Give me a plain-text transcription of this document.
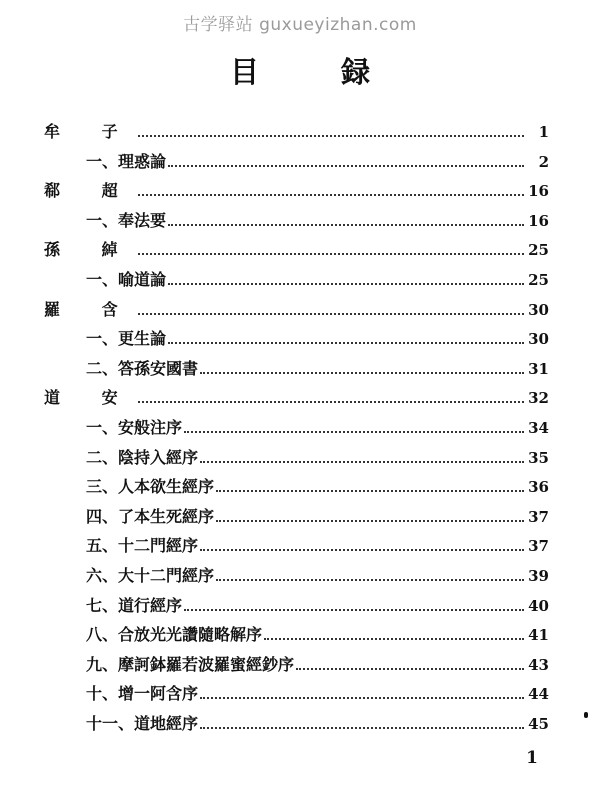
古学驿站 guxueyizhan.com
目 録
牟 子	1
一、理惑論	2
郗 超	16
一、奉法要	16
孫 綽	25
一、喻道論	25
羅 含	30
一、更生論	30
二、答孫安國書	31
道 安	32
一、安般注序	34
二、陰持入經序	35
三、人本欲生經序	36
四、了本生死經序	37
五、十二門經序	37
六、大十二門經序	39
七、道行經序	40
八、合放光光讚隨略解序	41
九、摩訶鉢羅若波羅蜜經鈔序	43
十、增一阿含序	44
十一、道地經序	45
1
